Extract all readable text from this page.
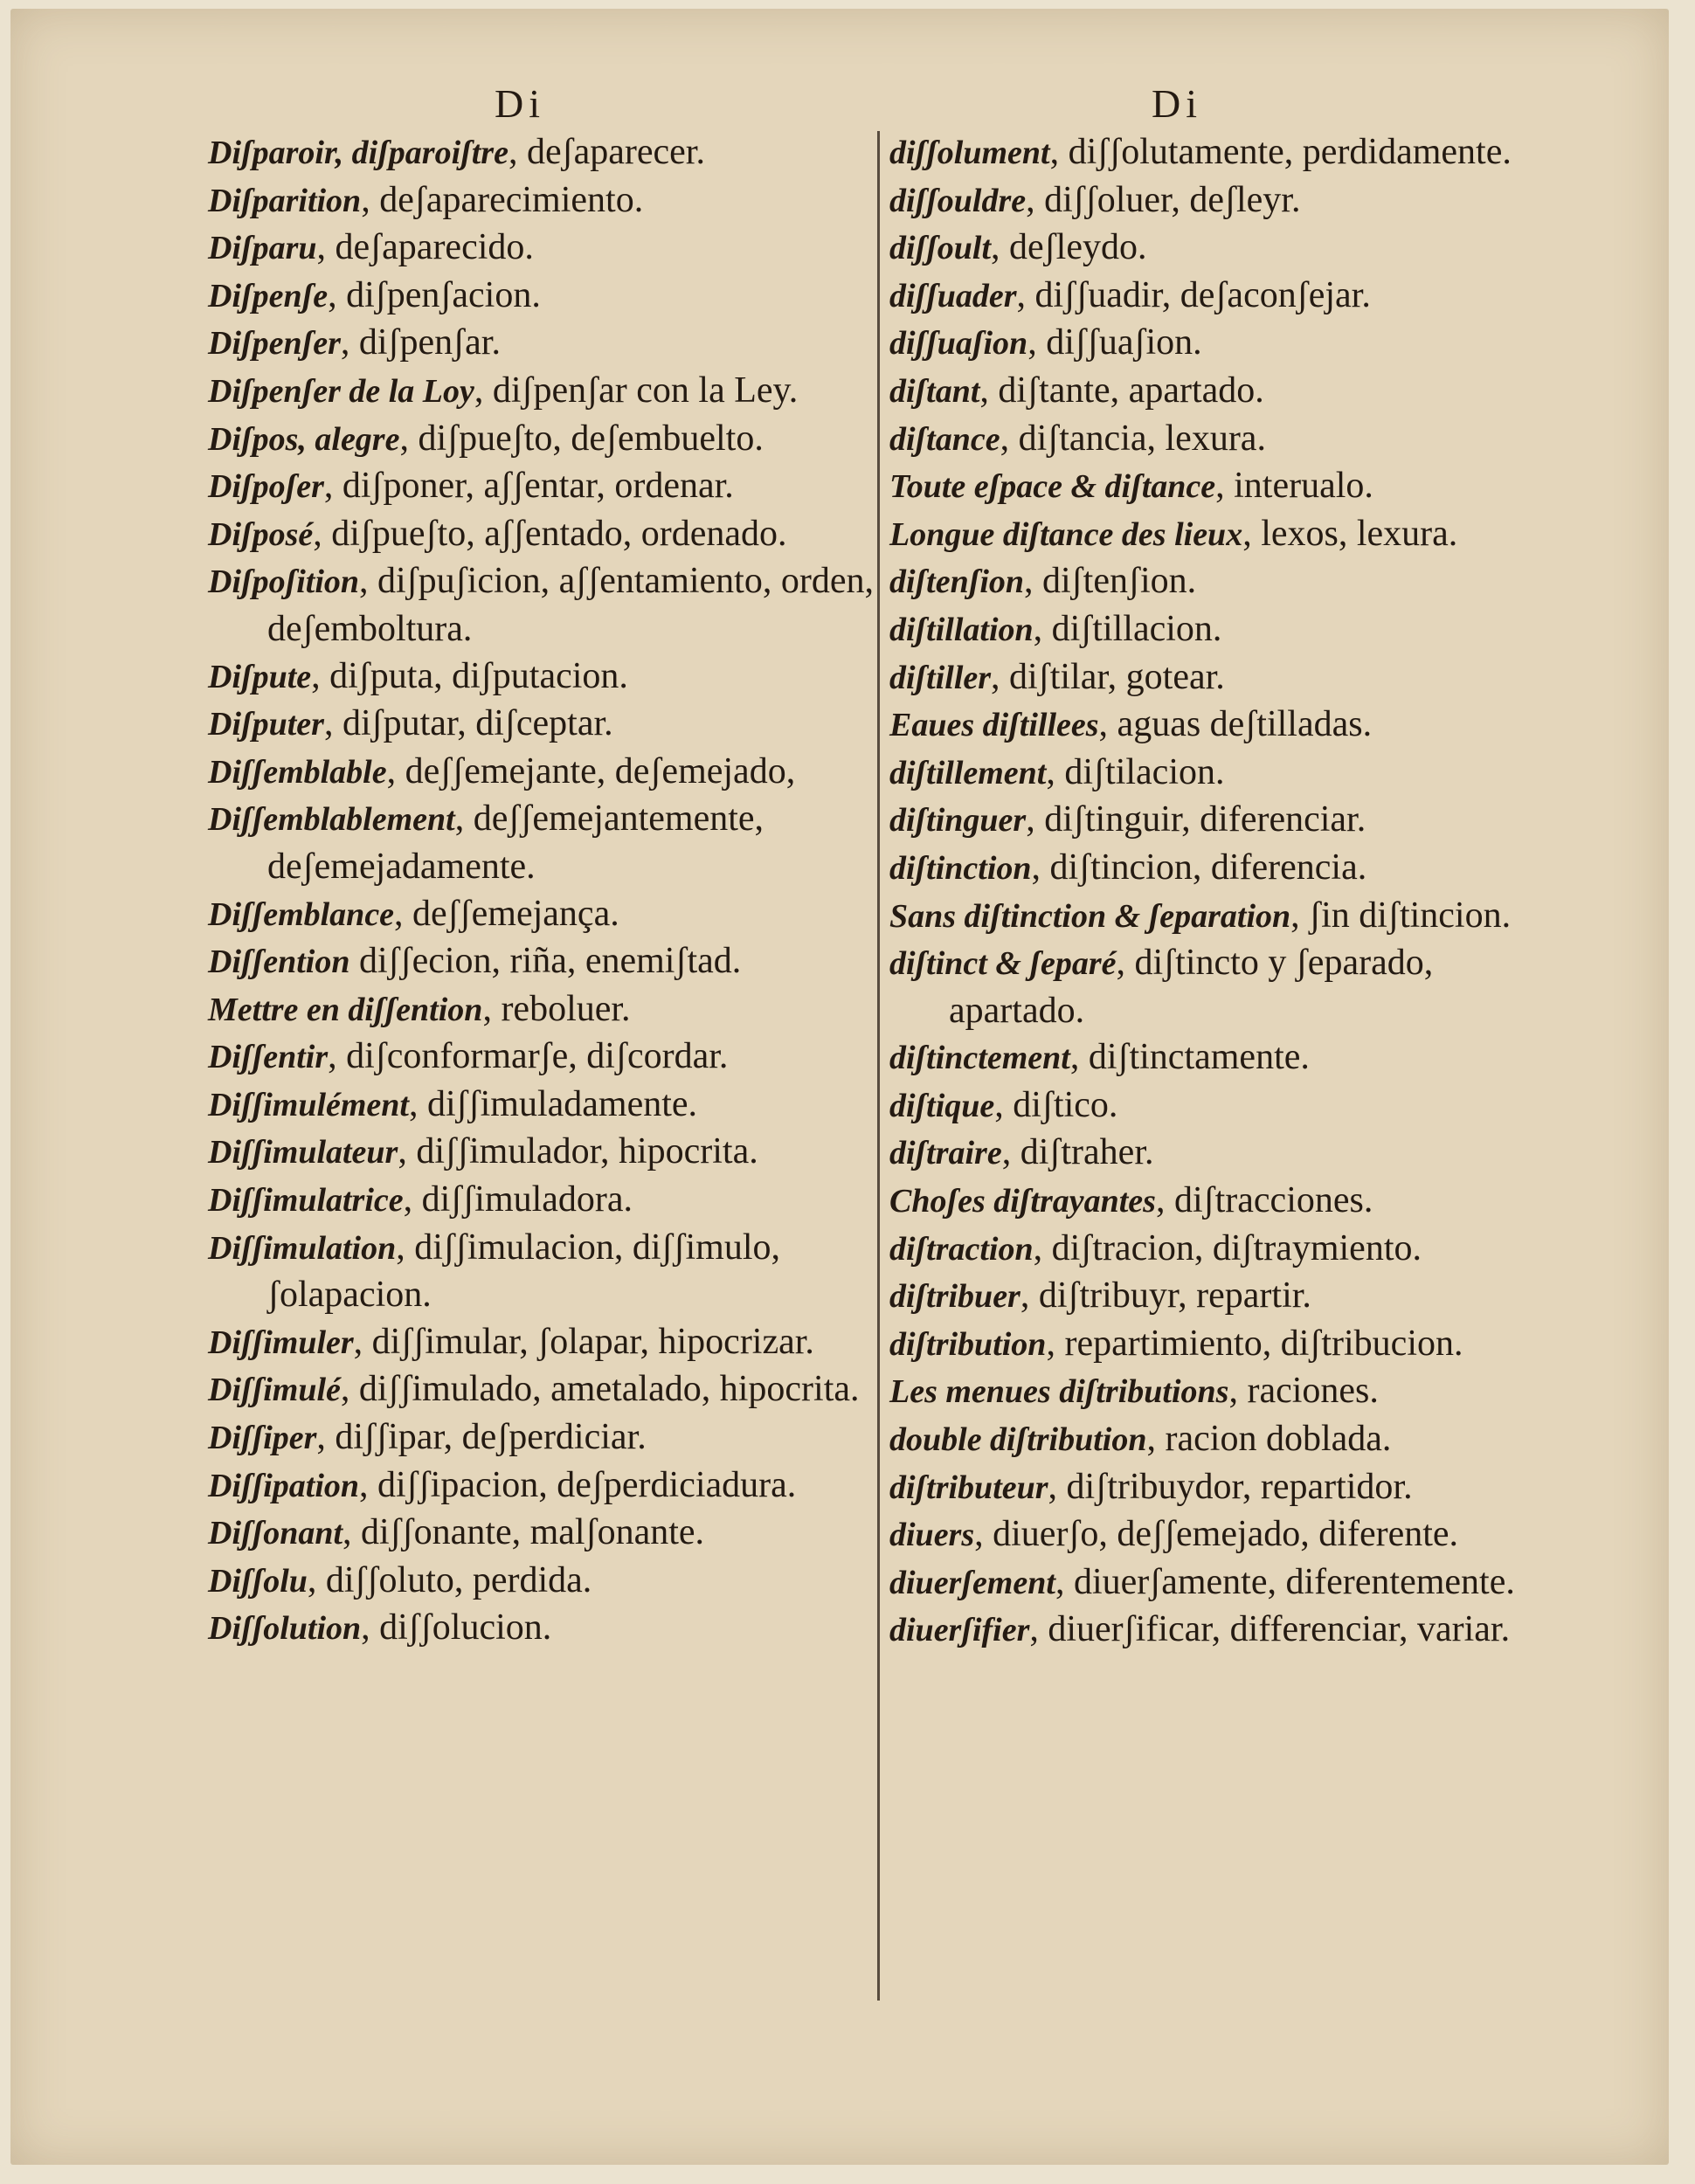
Di	Di
Diʃparoir, diʃparoiʃtre, deʃaparecer.
Diʃparition, deʃaparecimiento.
Diʃparu, deʃaparecido.
Diʃpenʃe, diʃpenʃacion.
Diʃpenʃer, diʃpenʃar.
Diʃpenʃer de la Loy, diʃpenʃar con la Ley.
Diʃpos, alegre, diʃpueʃto, deʃembuelto.
Diʃpoʃer, diʃponer, aʃʃentar, ordenar.
Diʃposé, diʃpueʃto, aʃʃentado, ordenado.
Diʃpoʃition, diʃpuʃicion, aʃʃentamiento, orden, deʃemboltura.
Diʃpute, diʃputa, diʃputacion.
Diʃputer, diʃputar, diʃceptar.
Diʃʃemblable, deʃʃemejante, deʃemejado,
Diʃʃemblablement, deʃʃemejantemente, deʃemejadamente.
Diʃʃemblance, deʃʃemejança.
Diʃʃention diʃʃecion, riña, enemiʃtad.
Mettre en diʃʃention, reboluer.
Diʃʃentir, diʃconformarʃe, diʃcordar.
Diʃʃimulément, diʃʃimuladamente.
Diʃʃimulateur, diʃʃimulador, hipocrita.
Diʃʃimulatrice, diʃʃimuladora.
Diʃʃimulation, diʃʃimulacion, diʃʃimulo, ʃolapacion.
Diʃʃimuler, diʃʃimular, ʃolapar, hipocrizar.
Diʃʃimulé, diʃʃimulado, ametalado, hipocrita.
Diʃʃiper, diʃʃipar, deʃperdiciar.
Diʃʃipation, diʃʃipacion, deʃperdiciadura.
Diʃʃonant, diʃʃonante, malʃonante.
Diʃʃolu, diʃʃoluto, perdida.
Diʃʃolution, diʃʃolucion.
diʃʃolument, diʃʃolutamente, perdidamente.
diʃʃouldre, diʃʃoluer, deʃleyr.
diʃʃoult, deʃleydo.
diʃʃuader, diʃʃuadir, deʃaconʃejar.
diʃʃuaʃion, diʃʃuaʃion.
diʃtant, diʃtante, apartado.
diʃtance, diʃtancia, lexura.
Toute eʃpace & diʃtance, interualo.
Longue diʃtance des lieux, lexos, lexura.
diʃtenʃion, diʃtenʃion.
diʃtillation, diʃtillacion.
diʃtiller, diʃtilar, gotear.
Eaues diʃtillees, aguas deʃtilladas.
diʃtillement, diʃtilacion.
diʃtinguer, diʃtinguir, diferenciar.
diʃtinction, diʃtincion, diferencia.
Sans diʃtinction & ʃeparation, ʃin diʃtincion.
diʃtinct & ʃeparé, diʃtincto y ʃeparado, apartado.
diʃtinctement, diʃtinctamente.
diʃtique, diʃtico.
diʃtraire, diʃtraher.
Choʃes diʃtrayantes, diʃtracciones.
diʃtraction, diʃtracion, diʃtraymiento.
diʃtribuer, diʃtribuyr, repartir.
diʃtribution, repartimiento, diʃtribucion.
Les menues diʃtributions, raciones.
double diʃtribution, racion doblada.
diʃtributeur, diʃtribuydor, repartidor.
diuers, diuerʃo, deʃʃemejado, diferente.
diuerʃement, diuerʃamente, diferentemente.
diuerʃifier, diuerʃificar, differenciar, variar.
